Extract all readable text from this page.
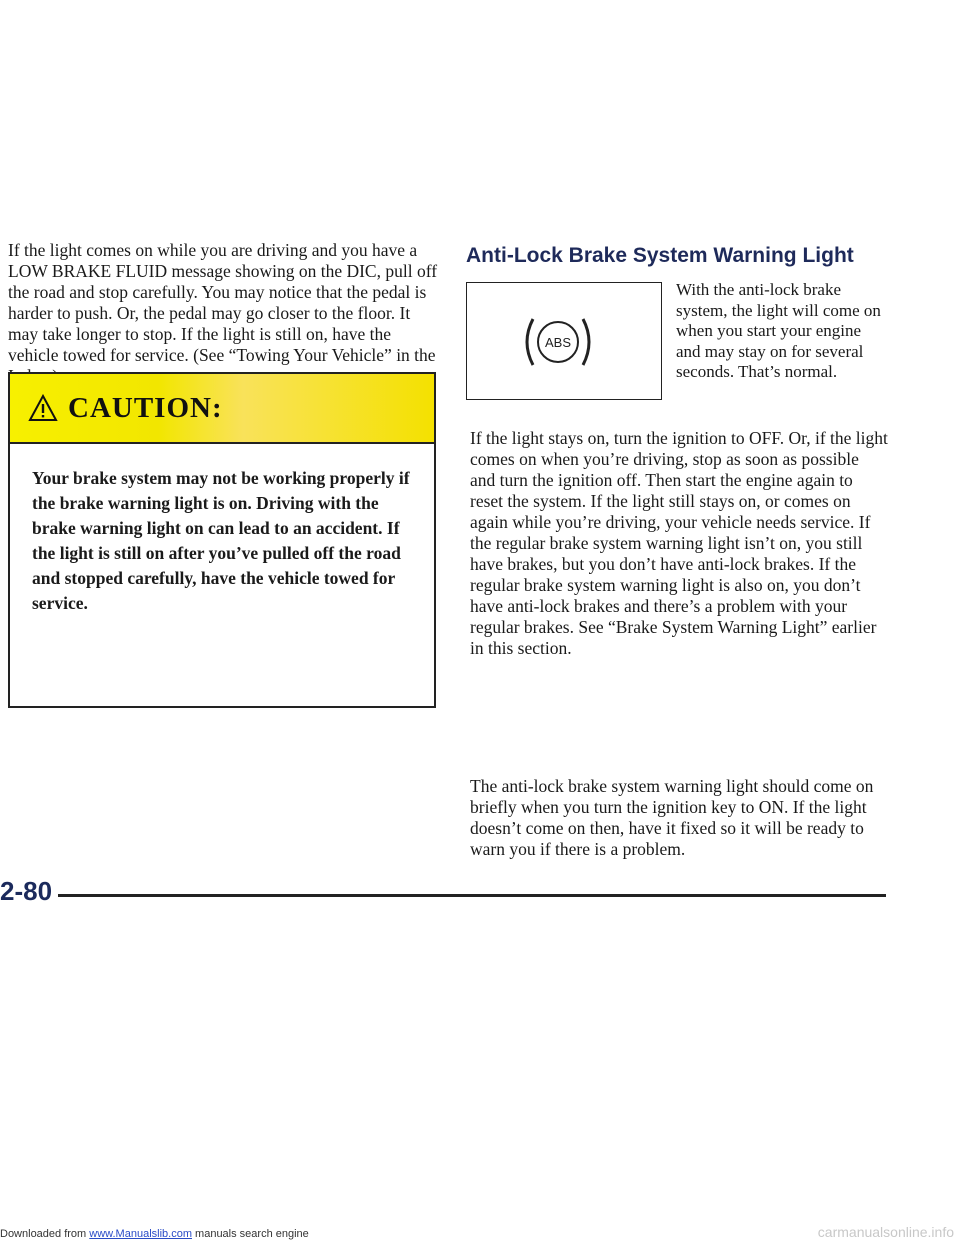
If the light comes on while you are driving and you have a LOW BRAKE FLUID message showing on the DIC, pull off the road and stop carefully. You may notice that the pedal is harder to push. Or, the pedal may go closer to the floor. It may take longer to stop. If the light is still on, have the vehicle towed for service. (See “Towing Your Vehicle” in the

CAUTION:
Your brake system may not be working properly if the brake warning light is on. Driving with the brake warning light on can lead to an accident. If the light is still on after you’ve pulled off the road and stopped carefully, have the vehicle towed for service.
Anti-Lock Brake System Warning Light
ABS

With the anti-lock brake system, the light will come on when you start your engine and may stay on for several seconds. That’s normal.

If the light stays on, turn the ignition to OFF. Or, if the light comes on when you’re driving, stop as soon as possible and turn the ignition off. Then start the engine again to reset the system. If the light still stays on, or comes on again while you’re driving, your vehicle needs service. If the regular brake system warning light isn’t on, you still have brakes, but you don’t have anti-lock brakes. If the regular brake system warning light is also on, you don’t have anti-lock brakes and there’s a problem with your regular brakes. See “Brake System Warning Light” earlier in this section.

The anti-lock brake system warning light should come on briefly when you turn the ignition key to ON. If the light doesn’t come on then, have it fixed so it will be ready to warn you if there is a problem.

2-80
Downloaded from www.Manualslib.com manuals search engine	carmanualsonline.info
